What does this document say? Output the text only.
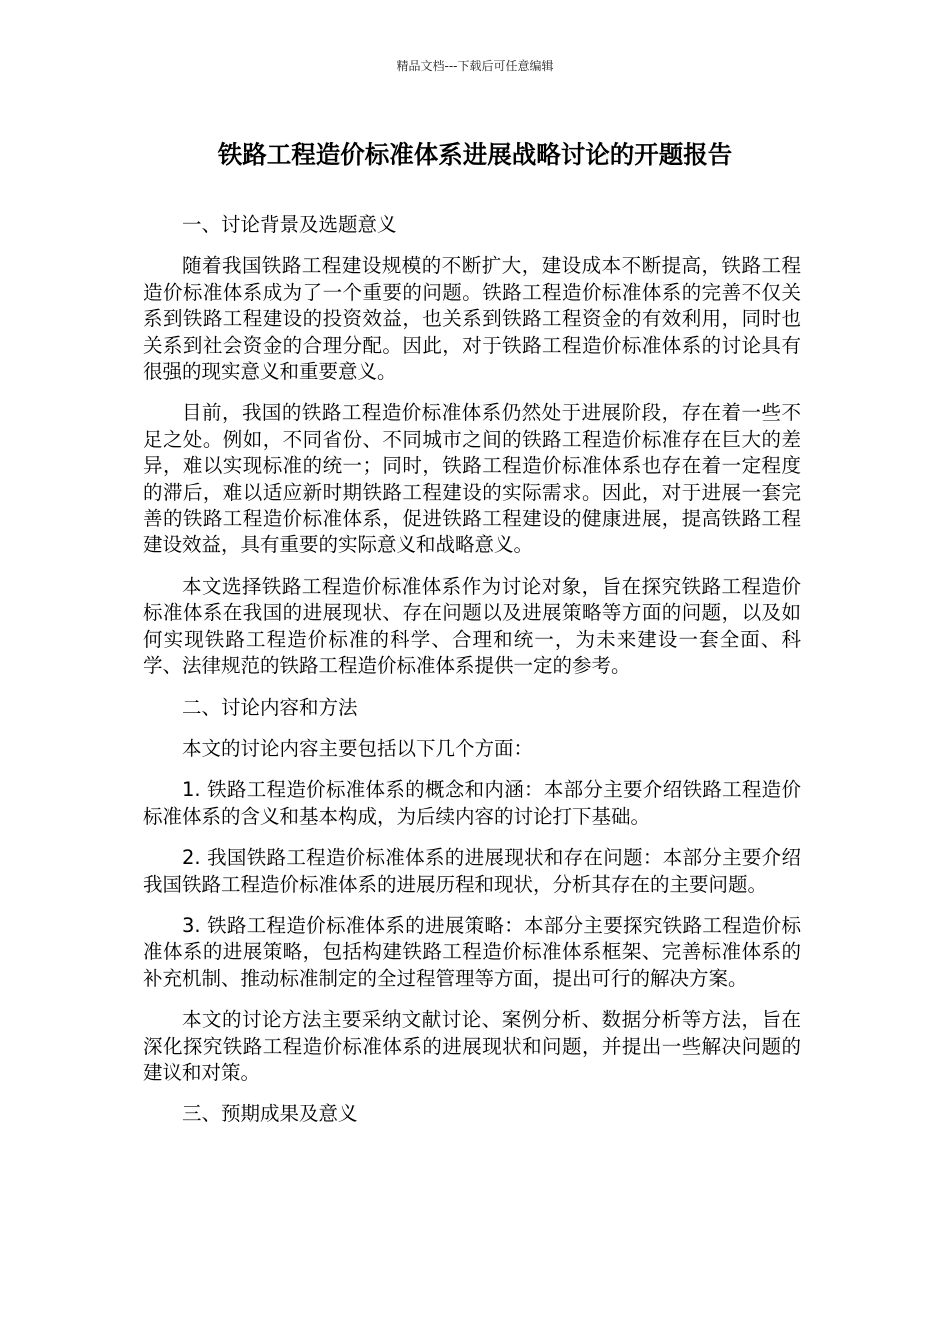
精品文档---下载后可任意编辑
铁路工程造价标准体系进展战略讨论的开题报告

一、讨论背景及选题意义

随着我国铁路工程建设规模的不断扩大，建设成本不断提高，铁路工程造价标准体系成为了一个重要的问题。铁路工程造价标准体系的完善不仅关系到铁路工程建设的投资效益，也关系到铁路工程资金的有效利用，同时也关系到社会资金的合理分配。因此，对于铁路工程造价标准体系的讨论具有很强的现实意义和重要意义。

目前，我国的铁路工程造价标准体系仍然处于进展阶段，存在着一些不足之处。例如，不同省份、不同城市之间的铁路工程造价标准存在巨大的差异，难以实现标准的统一；同时，铁路工程造价标准体系也存在着一定程度的滞后，难以适应新时期铁路工程建设的实际需求。因此，对于进展一套完善的铁路工程造价标准体系，促进铁路工程建设的健康进展，提高铁路工程建设效益，具有重要的实际意义和战略意义。

本文选择铁路工程造价标准体系作为讨论对象，旨在探究铁路工程造价标准体系在我国的进展现状、存在问题以及进展策略等方面的问题，以及如何实现铁路工程造价标准的科学、合理和统一，为未来建设一套全面、科学、法律规范的铁路工程造价标准体系提供一定的参考。

二、讨论内容和方法

本文的讨论内容主要包括以下几个方面：

1. 铁路工程造价标准体系的概念和内涵：本部分主要介绍铁路工程造价标准体系的含义和基本构成，为后续内容的讨论打下基础。

2. 我国铁路工程造价标准体系的进展现状和存在问题：本部分主要介绍我国铁路工程造价标准体系的进展历程和现状，分析其存在的主要问题。

3. 铁路工程造价标准体系的进展策略：本部分主要探究铁路工程造价标准体系的进展策略，包括构建铁路工程造价标准体系框架、完善标准体系的补充机制、推动标准制定的全过程管理等方面，提出可行的解决方案。

本文的讨论方法主要采纳文献讨论、案例分析、数据分析等方法，旨在深化探究铁路工程造价标准体系的进展现状和问题，并提出一些解决问题的建议和对策。

三、预期成果及意义
